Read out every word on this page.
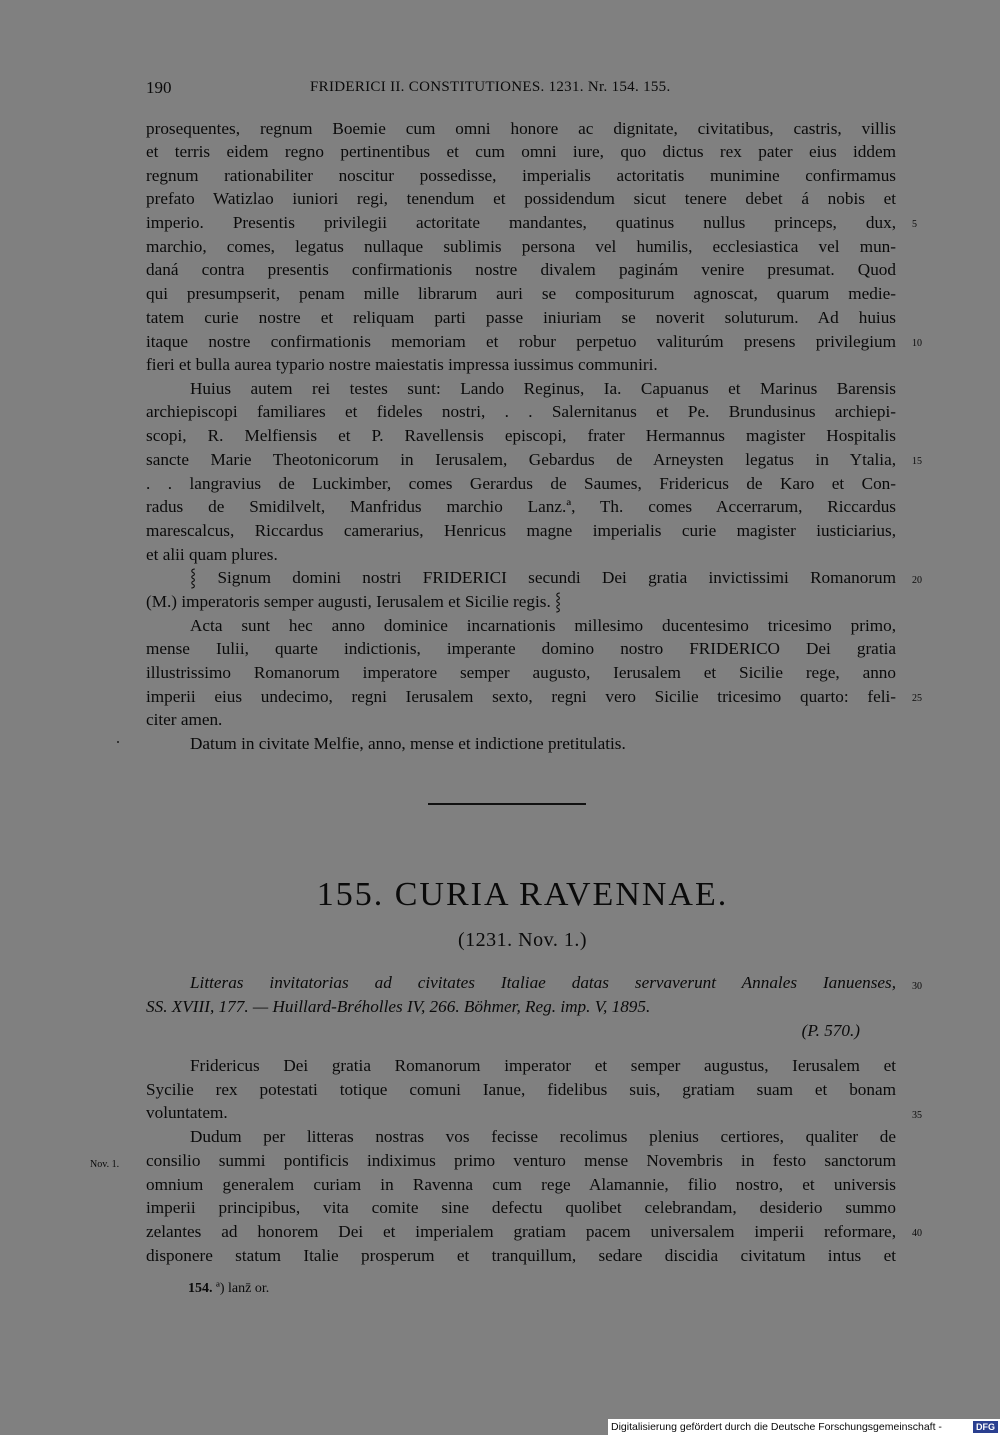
190	FRIDERICI II. CONSTITUTIONES. 1231. Nr. 154. 155.
prosequentes, regnum Boemie cum omni honore ac dignitate, civitatibus, castris, villis
et terris eidem regno pertinentibus et cum omni iure, quo dictus rex pater eius iddem
regnum rationabiliter noscitur possedisse, imperialis actoritatis munimine confirmamus
prefato Watizlao iuniori regi, tenendum et possidendum sicut tenere debet á nobis et
imperio. Presentis privilegii actoritate mandantes, quatinus nullus princeps, dux,
marchio, comes, legatus nullaque sublimis persona vel humilis, ecclesiastica vel mun-
daná contra presentis confirmationis nostre divalem paginám venire presumat. Quod
qui presumpserit, penam mille librarum auri se compositurum agnoscat, quarum medie-
tatem curie nostre et reliquam parti passe iniuriam se noverit soluturum. Ad huius
itaque nostre confirmationis memoriam et robur perpetuo valiturúm presens privilegium
fieri et bulla aurea typario nostre maiestatis impressa iussimus communiri.
Huius autem rei testes sunt: Lando Reginus, Ia. Capuanus et Marinus Barensis
archiepiscopi familiares et fideles nostri, . . Salernitanus et Pe. Brundusinus archiepi-
scopi, R. Melfiensis et P. Ravellensis episcopi, frater Hermannus magister Hospitalis
sancte Marie Theotonicorum in Ierusalem, Gebardus de Arneysten legatus in Ytalia,
. . langravius de Luckimber, comes Gerardus de Saumes, Fridericus de Karo et Con-
radus de Smidilvelt, Manfridus marchio Lanz.ª, Th. comes Accerrarum, Riccardus
marescalcus, Riccardus camerarius, Henricus magne imperialis curie magister iusticiarius,
et alii quam plures.
⸾ Signum domini nostri FRIDERICI secundi Dei gratia invictissimi Romanorum
(M.) imperatoris semper augusti, Ierusalem et Sicilie regis. ⸾
Acta sunt hec anno dominice incarnationis millesimo ducentesimo tricesimo primo,
mense Iulii, quarte indictionis, imperante domino nostro FRIDERICO Dei gratia
illustrissimo Romanorum imperatore semper augusto, Ierusalem et Sicilie rege, anno
imperii eius undecimo, regni Ierusalem sexto, regni vero Sicilie tricesimo quarto: feli-
citer amen.
Datum in civitate Melfie, anno, mense et indictione pretitulatis.
5
10
15
20
25
155. CURIA RAVENNAE.
(1231. Nov. 1.)
Litteras invitatorias ad civitates Italiae datas servaverunt Annales Ianuenses,
SS. XVIII, 177. — Huillard-Bréholles IV, 266. Böhmer, Reg. imp. V, 1895.
(P. 570.)
Fridericus Dei gratia Romanorum imperator et semper augustus, Ierusalem et
Sycilie rex potestati totique comuni Ianue, fidelibus suis, gratiam suam et bonam
voluntatem.
Dudum per litteras nostras vos fecisse recolimus plenius certiores, qualiter de
consilio summi pontificis indiximus primo venturo mense Novembris in festo sanctorum
omnium generalem curiam in Ravenna cum rege Alamannie, filio nostro, et universis
imperii principibus, vita comite sine defectu quolibet celebrandam, desiderio summo
zelantes ad honorem Dei et imperialem gratiam pacem universalem imperii reformare,
disponere statum Italie prosperum et tranquillum, sedare discidia civitatum intus et
30
35
40
Nov. 1.
154. ª) lanz̄ or.
Digitalisierung gefördert durch die Deutsche Forschungsgemeinschaft -	DFG
